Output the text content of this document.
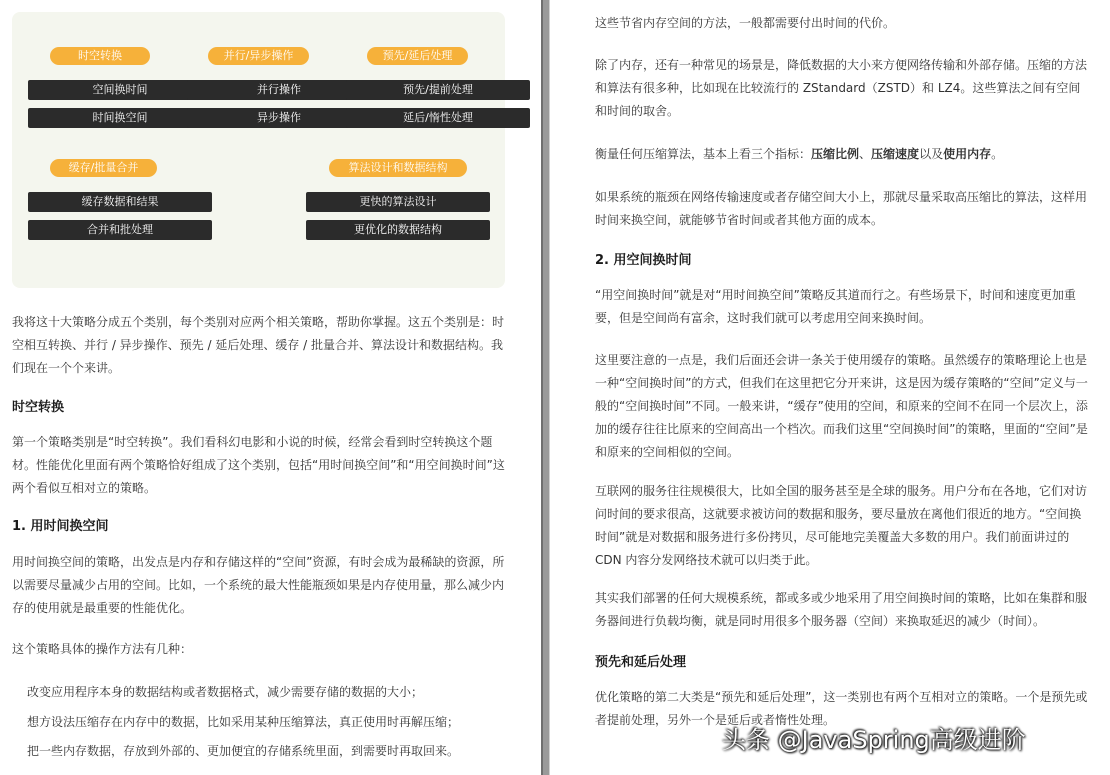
时空转换
空间换时间
时间换空间
并行/异步操作
并行操作
异步操作
预先/延后处理
预先/提前处理
延后/惰性处理
缓存/批量合并
缓存数据和结果
合并和批处理
算法设计和数据结构
更快的算法设计
更优化的数据结构

我将这十大策略分成五个类别，每个类别对应两个相关策略，帮助你掌握。这五个类别是：时空相互转换、并行 / 异步操作、预先 / 延后处理、缓存 / 批量合并、算法设计和数据结构。我们现在一个个来讲。

时空转换

第一个策略类别是“时空转换”。我们看科幻电影和小说的时候，经常会看到时空转换这个题材。性能优化里面有两个策略恰好组成了这个类别，包括“用时间换空间”和“用空间换时间”这两个看似互相对立的策略。

1. 用时间换空间

用时间换空间的策略，出发点是内存和存储这样的“空间”资源，有时会成为最稀缺的资源，所以需要尽量减少占用的空间。比如，一个系统的最大性能瓶颈如果是内存使用量，那么减少内存的使用就是最重要的性能优化。

这个策略具体的操作方法有几种：

改变应用程序本身的数据结构或者数据格式，减少需要存储的数据的大小；

想方设法压缩存在内存中的数据，比如采用某种压缩算法，真正使用时再解压缩；

把一些内存数据，存放到外部的、更加便宜的存储系统里面，到需要时再取回来。

这些节省内存空间的方法，一般都需要付出时间的代价。

除了内存，还有一种常见的场景是，降低数据的大小来方便网络传输和外部存储。压缩的方法和算法有很多种，比如现在比较流行的 ZStandard（ZSTD）和 LZ4。这些算法之间有空间和时间的取舍。

衡量任何压缩算法，基本上看三个指标：压缩比例、压缩速度以及使用内存。

如果系统的瓶颈在网络传输速度或者存储空间大小上，那就尽量采取高压缩比的算法，这样用时间来换空间，就能够节省时间或者其他方面的成本。

2. 用空间换时间

“用空间换时间”就是对“用时间换空间”策略反其道而行之。有些场景下，时间和速度更加重要，但是空间尚有富余，这时我们就可以考虑用空间来换时间。

这里要注意的一点是，我们后面还会讲一条关于使用缓存的策略。虽然缓存的策略理论上也是一种“空间换时间”的方式，但我们在这里把它分开来讲，这是因为缓存策略的“空间”定义与一般的“空间换时间”不同。一般来讲，“缓存”使用的空间，和原来的空间不在同一个层次上，添加的缓存往往比原来的空间高出一个档次。而我们这里“空间换时间”的策略，里面的“空间”是和原来的空间相似的空间。

互联网的服务往往规模很大，比如全国的服务甚至是全球的服务。用户分布在各地，它们对访问时间的要求很高，这就要求被访问的数据和服务，要尽量放在离他们很近的地方。“空间换时间”就是对数据和服务进行多份拷贝，尽可能地完美覆盖大多数的用户。我们前面讲过的 CDN 内容分发网络技术就可以归类于此。

其实我们部署的任何大规模系统，都或多或少地采用了用空间换时间的策略，比如在集群和服务器间进行负载均衡，就是同时用很多个服务器（空间）来换取延迟的减少（时间）。

预先和延后处理

优化策略的第二大类是“预先和延后处理”，这一类别也有两个互相对立的策略。一个是预先或者提前处理，另外一个是延后或者惰性处理。

头条 @JavaSpring高级进阶
